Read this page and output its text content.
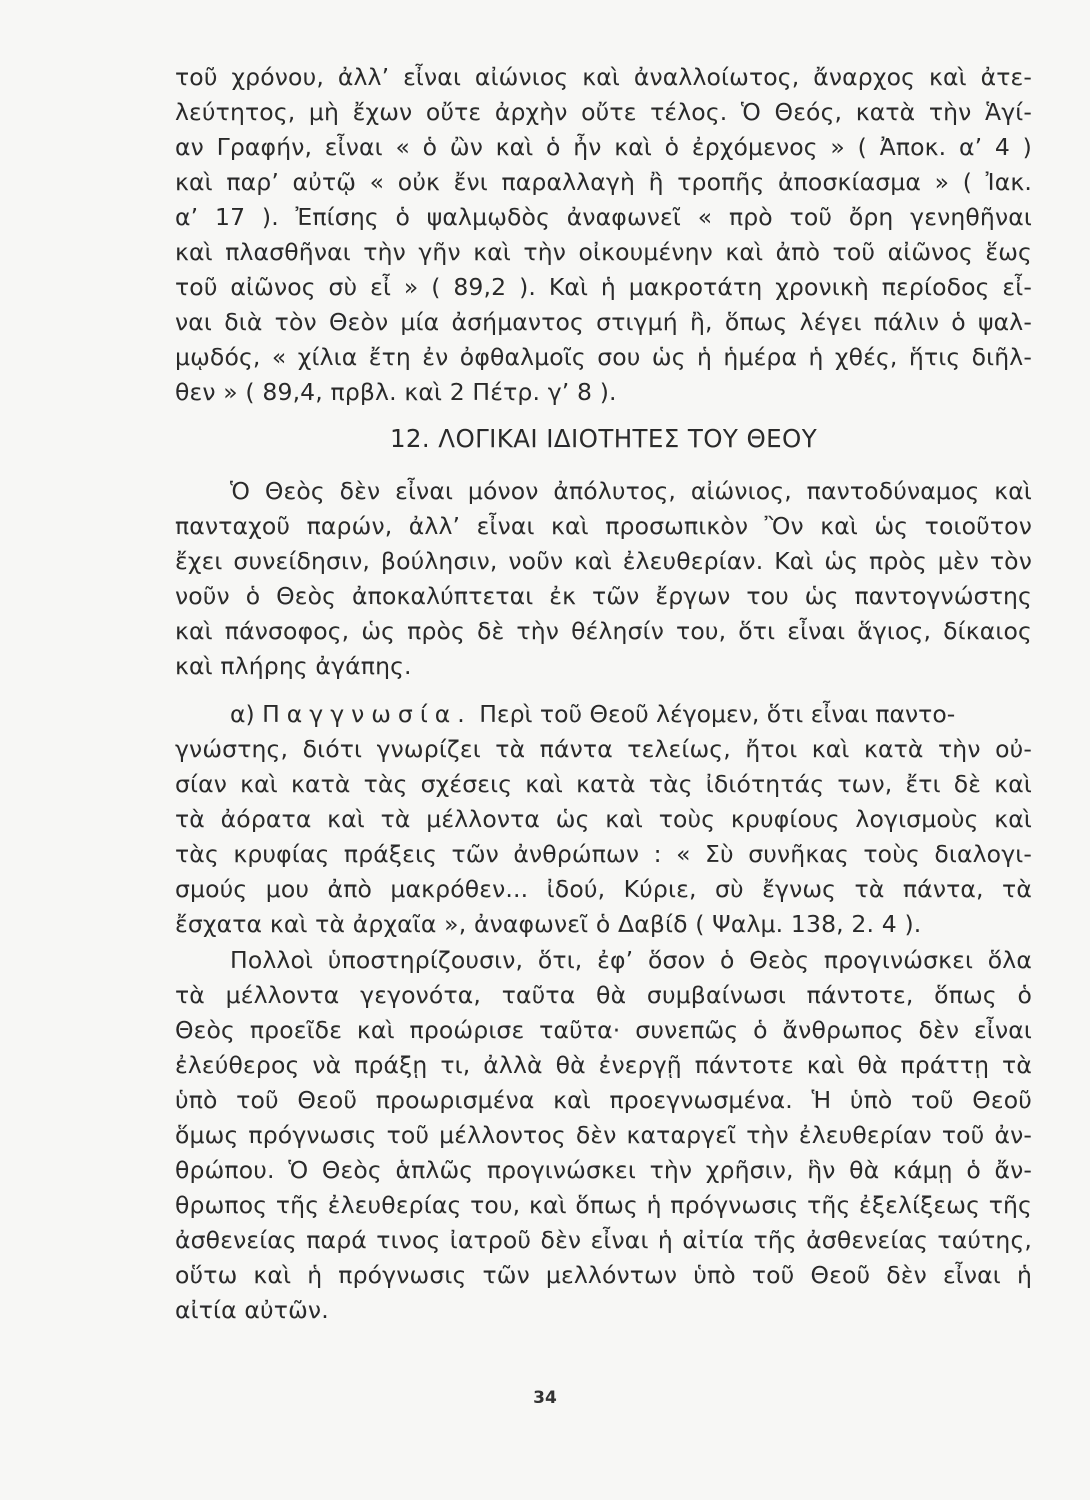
τοῦ χρόνου, ἀλλ’ εἶναι αἰώνιος καὶ ἀναλλοίωτος, ἄναρχος καὶ ἀτε-
λεύτητος, μὴ ἔχων οὔτε ἀρχὴν οὔτε τέλος. Ὁ Θεός, κατὰ τὴν Ἁγί-
αν Γραφήν, εἶναι « ὁ ὢν καὶ ὁ ἦν καὶ ὁ ἐρχόμενος » ( Ἀποκ. α’ 4 )
καὶ παρ’ αὐτῷ « οὐκ ἔνι παραλλαγὴ ἢ τροπῆς ἀποσκίασμα » ( Ἰακ.
α’ 17 ). Ἐπίσης ὁ ψαλμῳδὸς ἀναφωνεῖ « πρὸ τοῦ ὄρη γενηθῆναι
καὶ πλασθῆναι τὴν γῆν καὶ τὴν οἰκουμένην καὶ ἀπὸ τοῦ αἰῶνος ἕως
τοῦ αἰῶνος σὺ εἶ » ( 89,2 ). Καὶ ἡ μακροτάτη χρονικὴ περίοδος εἶ-
ναι διὰ τὸν Θεὸν μία ἀσήμαντος στιγμή ἢ, ὅπως λέγει πάλιν ὁ ψαλ-
μῳδός, « χίλια ἔτη ἐν ὀφθαλμοῖς σου ὡς ἡ ἡμέρα ἡ χθές, ἥτις διῆλ-
θεν » ( 89,4, πρβλ. καὶ 2 Πέτρ. γ’ 8 ).
12. ΛΟΓΙΚΑΙ ΙΔΙΟΤΗΤΕΣ ΤΟΥ ΘΕΟΥ
Ὁ Θεὸς δὲν εἶναι μόνον ἀπόλυτος, αἰώνιος, παντοδύναμος καὶ
πανταχοῦ παρών, ἀλλ’ εἶναι καὶ προσωπικὸν Ὂν καὶ ὡς τοιοῦτον
ἔχει συνείδησιν, βούλησιν, νοῦν καὶ ἐλευθερίαν. Καὶ ὡς πρὸς μὲν τὸν
νοῦν ὁ Θεὸς ἀποκαλύπτεται ἐκ τῶν ἔργων του ὡς παντογνώστης
καὶ πάνσοφος, ὡς πρὸς δὲ τὴν θέλησίν του, ὅτι εἶναι ἅγιος, δίκαιος
καὶ πλήρης ἀγάπης.
α) Παγγνωσία. Περὶ τοῦ Θεοῦ λέγομεν, ὅτι εἶναι παντο-
γνώστης, διότι γνωρίζει τὰ πάντα τελείως, ἤτοι καὶ κατὰ τὴν οὐ-
σίαν καὶ κατὰ τὰς σχέσεις καὶ κατὰ τὰς ἰδιότητάς των, ἔτι δὲ καὶ
τὰ ἀόρατα καὶ τὰ μέλλοντα ὡς καὶ τοὺς κρυφίους λογισμοὺς καὶ
τὰς κρυφίας πράξεις τῶν ἀνθρώπων : « Σὺ συνῆκας τοὺς διαλογι-
σμούς μου ἀπὸ μακρόθεν... ἰδού, Κύριε, σὺ ἔγνως τὰ πάντα, τὰ
ἔσχατα καὶ τὰ ἀρχαῖα », ἀναφωνεῖ ὁ Δαβίδ ( Ψαλμ. 138, 2. 4 ).
Πολλοὶ ὑποστηρίζουσιν, ὅτι, ἐφ’ ὅσον ὁ Θεὸς προγινώσκει ὅλα
τὰ μέλλοντα γεγονότα, ταῦτα θὰ συμβαίνωσι πάντοτε, ὅπως ὁ
Θεὸς προεῖδε καὶ προώρισε ταῦτα· συνεπῶς ὁ ἄνθρωπος δὲν εἶναι
ἐλεύθερος νὰ πράξῃ τι, ἀλλὰ θὰ ἐνεργῇ πάντοτε καὶ θὰ πράττῃ τὰ
ὑπὸ τοῦ Θεοῦ προωρισμένα καὶ προεγνωσμένα. Ἡ ὑπὸ τοῦ Θεοῦ
ὅμως πρόγνωσις τοῦ μέλλοντος δὲν καταργεῖ τὴν ἐλευθερίαν τοῦ ἀν-
θρώπου. Ὁ Θεὸς ἁπλῶς προγινώσκει τὴν χρῆσιν, ἣν θὰ κάμῃ ὁ ἄν-
θρωπος τῆς ἐλευθερίας του, καὶ ὅπως ἡ πρόγνωσις τῆς ἐξελίξεως τῆς
ἀσθενείας παρά τινος ἰατροῦ δὲν εἶναι ἡ αἰτία τῆς ἀσθενείας ταύτης,
οὕτω καὶ ἡ πρόγνωσις τῶν μελλόντων ὑπὸ τοῦ Θεοῦ δὲν εἶναι ἡ
αἰτία αὐτῶν.
34
